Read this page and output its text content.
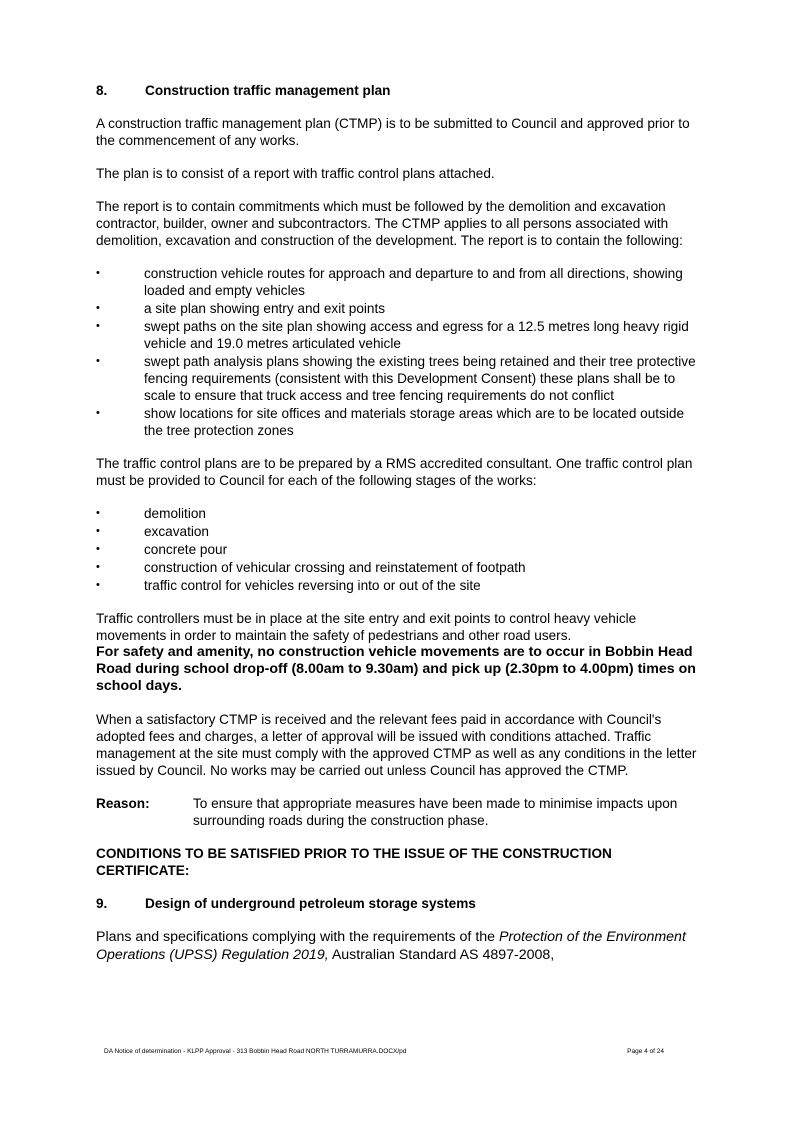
8.	Construction traffic management plan

A construction traffic management plan (CTMP) is to be submitted to Council and approved prior to the commencement of any works.

The plan is to consist of a report with traffic control plans attached.

The report is to contain commitments which must be followed by the demolition and excavation contractor, builder, owner and subcontractors. The CTMP applies to all persons associated with demolition, excavation and construction of the development. The report is to contain the following:

•	construction vehicle routes for approach and departure to and from all directions, showing loaded and empty vehicles
•	a site plan showing entry and exit points
•	swept paths on the site plan showing access and egress for a 12.5 metres long heavy rigid vehicle and 19.0 metres articulated vehicle
•	swept path analysis plans showing the existing trees being retained and their tree protective fencing requirements (consistent with this Development Consent) these plans shall be to scale to ensure that truck access and tree fencing requirements do not conflict
•	show locations for site offices and materials storage areas which are to be located outside the tree protection zones

The traffic control plans are to be prepared by a RMS accredited consultant. One traffic control plan must be provided to Council for each of the following stages of the works:

•	demolition
•	excavation
•	concrete pour
•	construction of vehicular crossing and reinstatement of footpath
•	traffic control for vehicles reversing into or out of the site

Traffic controllers must be in place at the site entry and exit points to control heavy vehicle movements in order to maintain the safety of pedestrians and other road users.

For safety and amenity, no construction vehicle movements are to occur in Bobbin Head Road during school drop-off (8.00am to 9.30am) and pick up (2.30pm to 4.00pm) times on school days.

When a satisfactory CTMP is received and the relevant fees paid in accordance with Council's adopted fees and charges, a letter of approval will be issued with conditions attached. Traffic management at the site must comply with the approved CTMP as well as any conditions in the letter issued by Council. No works may be carried out unless Council has approved the CTMP.

Reason:	To ensure that appropriate measures have been made to minimise impacts upon surrounding roads during the construction phase.

CONDITIONS TO BE SATISFIED PRIOR TO THE ISSUE OF THE CONSTRUCTION CERTIFICATE:

9.	Design of underground petroleum storage systems

Plans and specifications complying with the requirements of the Protection of the Environment Operations (UPSS) Regulation 2019, Australian Standard AS 4897-2008,

DA Notice of determination - KLPP Approval - 313 Bobbin Head Road NORTH TURRAMURRA.DOCX/pd	Page 4 of 24
